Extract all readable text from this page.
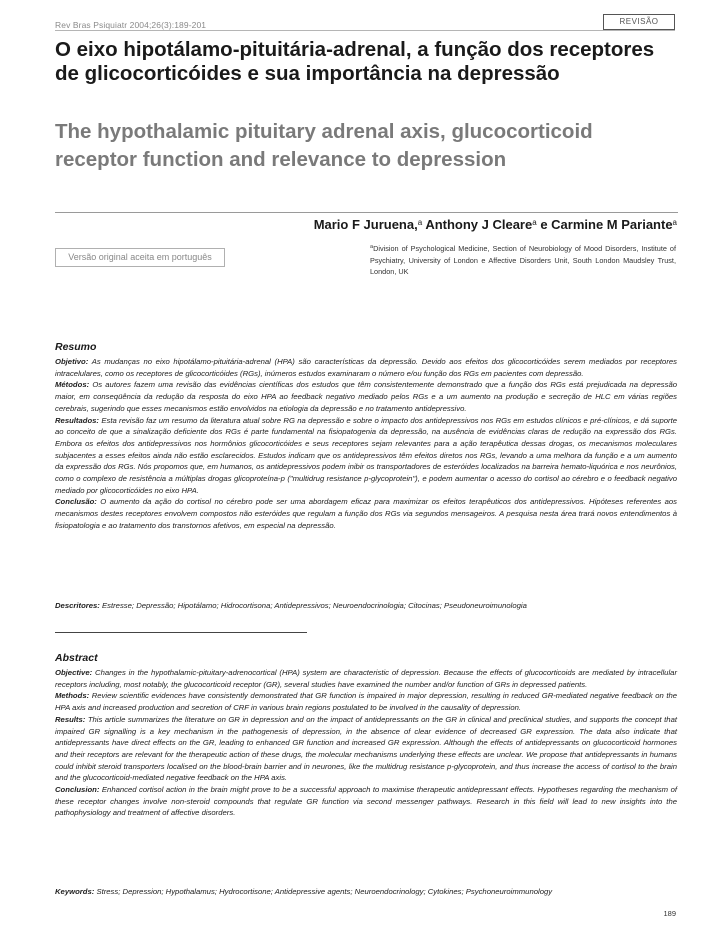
Rev Bras Psiquiatr 2004;26(3):189-201	REVISÃO
O eixo hipotálamo-pituitária-adrenal, a função dos receptores de glicocorticóides e sua importância na depressão
The hypothalamic pituitary adrenal axis, glucocorticoid receptor function and relevance to depression
Mario F Juruena,$^a$ Anthony J Cleare$^a$ e Carmine M Pariante$^a$
Versão original aceita em português

$^a$Division of Psychological Medicine, Section of Neurobiology of Mood Disorders, Institute of Psychiatry, University of London e Affective Disorders Unit, South London Maudsley Trust, London, UK

Resumo

Objetivo: As mudanças no eixo hipotálamo-pituitária-adrenal (HPA) são características da depressão. Devido aos efeitos dos glicocorticóides serem mediados por receptores intracelulares, como os receptores de glicocorticóides (RGs), inúmeros estudos examinaram o número e/ou função dos RGs em pacientes com depressão.

Métodos: Os autores fazem uma revisão das evidências científicas dos estudos que têm consistentemente demonstrado que a função dos RGs está prejudicada na depressão maior, em conseqüência da redução da resposta do eixo HPA ao feedback negativo mediado pelos RGs e a um aumento na produção e secreção de HLC em várias regiões cerebrais, sugerindo que esses mecanismos estão envolvidos na etiologia da depressão e no tratamento antidepressivo.

Resultados: Esta revisão faz um resumo da literatura atual sobre RG na depressão e sobre o impacto dos antidepressivos nos RGs em estudos clínicos e pré-clínicos, e dá suporte ao conceito de que a sinalização deficiente dos RGs é parte fundamental na fisiopatogenia da depressão, na ausência de evidências claras de redução na expressão dos RGs. Embora os efeitos dos antidepressivos nos hormônios glicocorticóides e seus receptores sejam relevantes para a ação terapêutica dessas drogas, os mecanismos moleculares subjacentes a esses efeitos ainda não estão esclarecidos. Estudos indicam que os antidepressivos têm efeitos diretos nos RGs, levando a uma melhora da função e a um aumento da expressão dos RGs. Nós propomos que, em humanos, os antidepressivos podem inibir os transportadores de esteróides localizados na barreira hemato-liquórica e nos neurônios, como o complexo de resistência a múltiplas drogas glicoproteína-p ("multidrug resistance p-glycoprotein"), e podem aumentar o acesso do cortisol ao cérebro e o feedback negativo mediado por glicocorticóides no eixo HPA.

Conclusão: O aumento da ação do cortisol no cérebro pode ser uma abordagem eficaz para maximizar os efeitos terapêuticos dos antidepressivos. Hipóteses referentes aos mecanismos destes receptores envolvem compostos não esteróides que regulam a função dos RGs via segundos mensageiros. A pesquisa nesta área trará novos entendimentos à fisiopatologia e ao tratamento dos transtornos afetivos, em especial na depressão.

Descritores: Estresse; Depressão; Hipotálamo; Hidrocortisona; Antidepressivos; Neuroendocrinologia; Citocinas; Pseudoneuroimunologia

Abstract

Objective: Changes in the hypothalamic-pituitary-adrenocortical (HPA) system are characteristic of depression. Because the effects of glucocorticoids are mediated by intracellular receptors including, most notably, the glucocorticoid receptor (GR), several studies have examined the number and/or function of GRs in depressed patients.

Methods: Review scientific evidences have consistently demonstrated that GR function is impaired in major depression, resulting in reduced GR-mediated negative feedback on the HPA axis and increased production and secretion of CRF in various brain regions postulated to be involved in the causality of depression.

Results: This article summarizes the literature on GR in depression and on the impact of antidepressants on the GR in clinical and preclinical studies, and supports the concept that impaired GR signalling is a key mechanism in the pathogenesis of depression, in the absence of clear evidence of decreased GR expression. The data also indicate that antidepressants have direct effects on the GR, leading to enhanced GR function and increased GR expression. Although the effects of antidepressants on glucocorticoid hormones and their receptors are relevant for the therapeutic action of these drugs, the molecular mechanisms underlying these effects are unclear. We propose that antidepressants in humans could inhibit steroid transporters localised on the blood-brain barrier and in neurones, like the multidrug resistance p-glycoprotein, and thus increase the access of cortisol to the brain and the glucocorticoid-mediated negative feedback on the HPA axis.

Conclusion: Enhanced cortisol action in the brain might prove to be a successful approach to maximise therapeutic antidepressant effects. Hypotheses regarding the mechanism of these receptor changes involve non-steroid compounds that regulate GR function via second messenger pathways. Research in this field will lead to new insights into the pathophysiology and treatment of affective disorders.

Keywords: Stress; Depression; Hypothalamus; Hydrocortisone; Antidepressive agents; Neuroendocrinology; Cytokines; Psychoneuroimmunology

189
